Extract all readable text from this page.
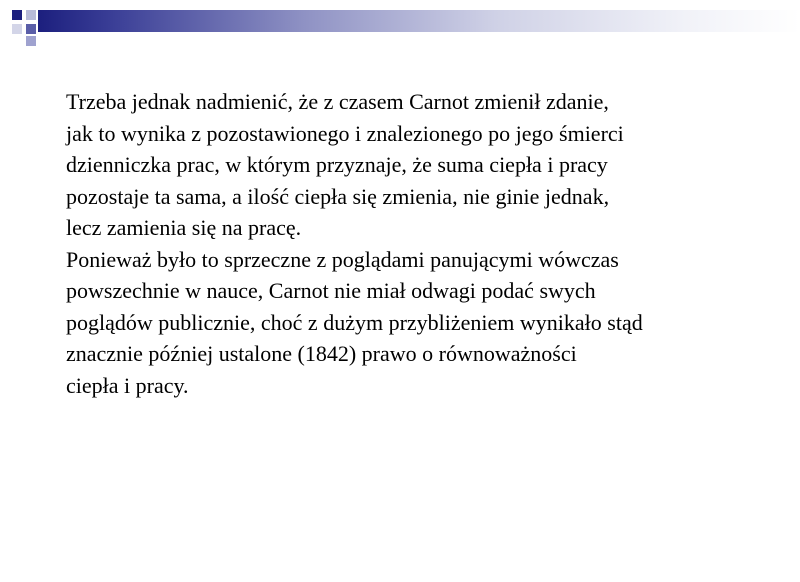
Trzeba jednak nadmienić, że z czasem Carnot zmienił zdanie,
jak to wynika z pozostawionego i znalezionego po jego śmierci
dzienniczka prac, w którym przyznaje, że suma ciepła i pracy
pozostaje ta sama, a ilość ciepła się zmienia, nie ginie jednak,
lecz zamienia się na pracę.

Ponieważ było to sprzeczne z poglądami panującymi wówczas
powszechnie w nauce, Carnot nie miał odwagi podać swych
poglądów publicznie, choć z dużym przybliżeniem wynikało stąd
znacznie później ustalone (1842) prawo o równoważności
ciepła i pracy.
